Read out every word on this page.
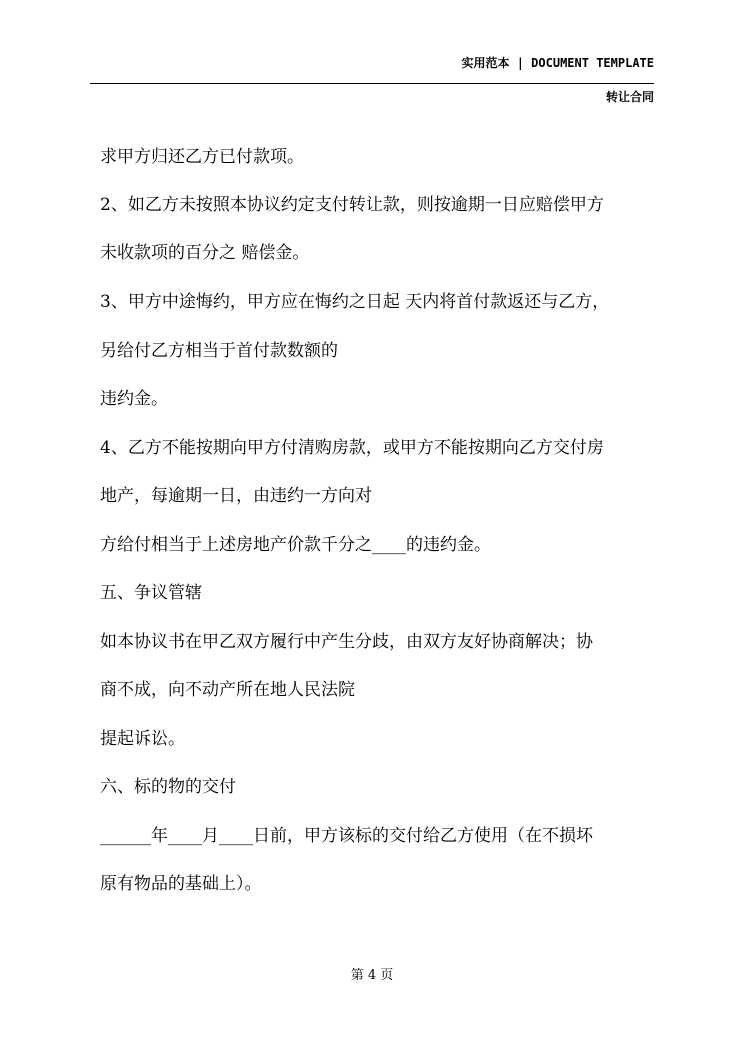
实用范本 | DOCUMENT TEMPLATE
转让合同
求甲方归还乙方已付款项。
2、如乙方未按照本协议约定支付转让款，则按逾期一日应赔偿甲方
未收款项的百分之 赔偿金。
3、甲方中途悔约，甲方应在悔约之日起 天内将首付款返还与乙方，
另给付乙方相当于首付款数额的
违约金。
4、乙方不能按期向甲方付清购房款，或甲方不能按期向乙方交付房
地产，每逾期一日，由违约一方向对
方给付相当于上述房地产价款千分之____的违约金。
五、争议管辖
如本协议书在甲乙双方履行中产生分歧，由双方友好协商解决；协
商不成，向不动产所在地人民法院
提起诉讼。
六、标的物的交付
______年____月____日前，甲方该标的交付给乙方使用（在不损坏
原有物品的基础上）。
第 4 页
